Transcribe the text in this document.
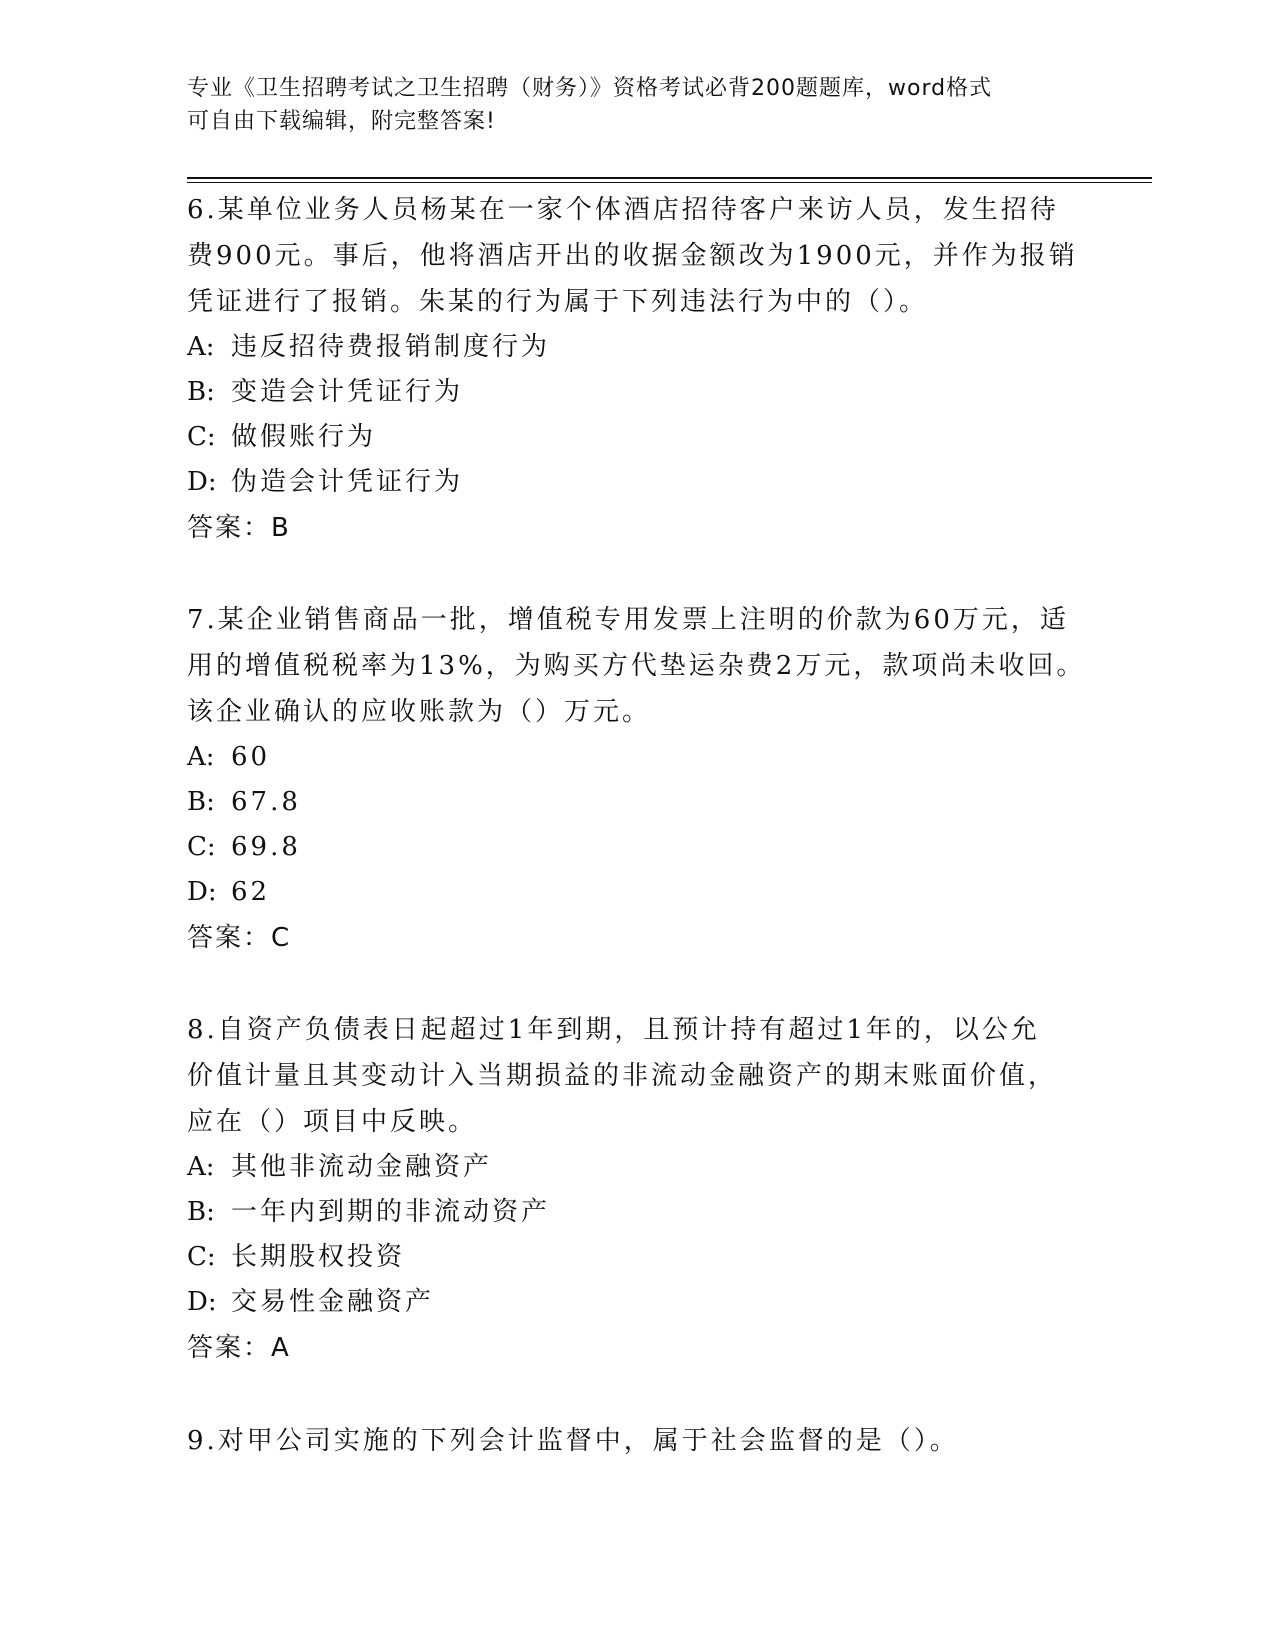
专业《卫生招聘考试之卫生招聘（财务）》资格考试必背200题题库，word格式
可自由下载编辑，附完整答案!
6.某单位业务人员杨某在一家个体酒店招待客户来访人员，发生招待
费900元。事后，他将酒店开出的收据金额改为1900元，并作为报销
凭证进行了报销。朱某的行为属于下列违法行为中的（）。
A: 违反招待费报销制度行为
B: 变造会计凭证行为
C: 做假账行为
D: 伪造会计凭证行为
答案：B
7.某企业销售商品一批，增值税专用发票上注明的价款为60万元，适
用的增值税税率为13%，为购买方代垫运杂费2万元，款项尚未收回。
该企业确认的应收账款为（）万元。
A: 60
B: 67.8
C: 69.8
D: 62
答案：C
8.自资产负债表日起超过1年到期，且预计持有超过1年的，以公允
价值计量且其变动计入当期损益的非流动金融资产的期末账面价值，
应在（）项目中反映。
A: 其他非流动金融资产
B: 一年内到期的非流动资产
C: 长期股权投资
D: 交易性金融资产
答案：A
9.对甲公司实施的下列会计监督中，属于社会监督的是（）。
